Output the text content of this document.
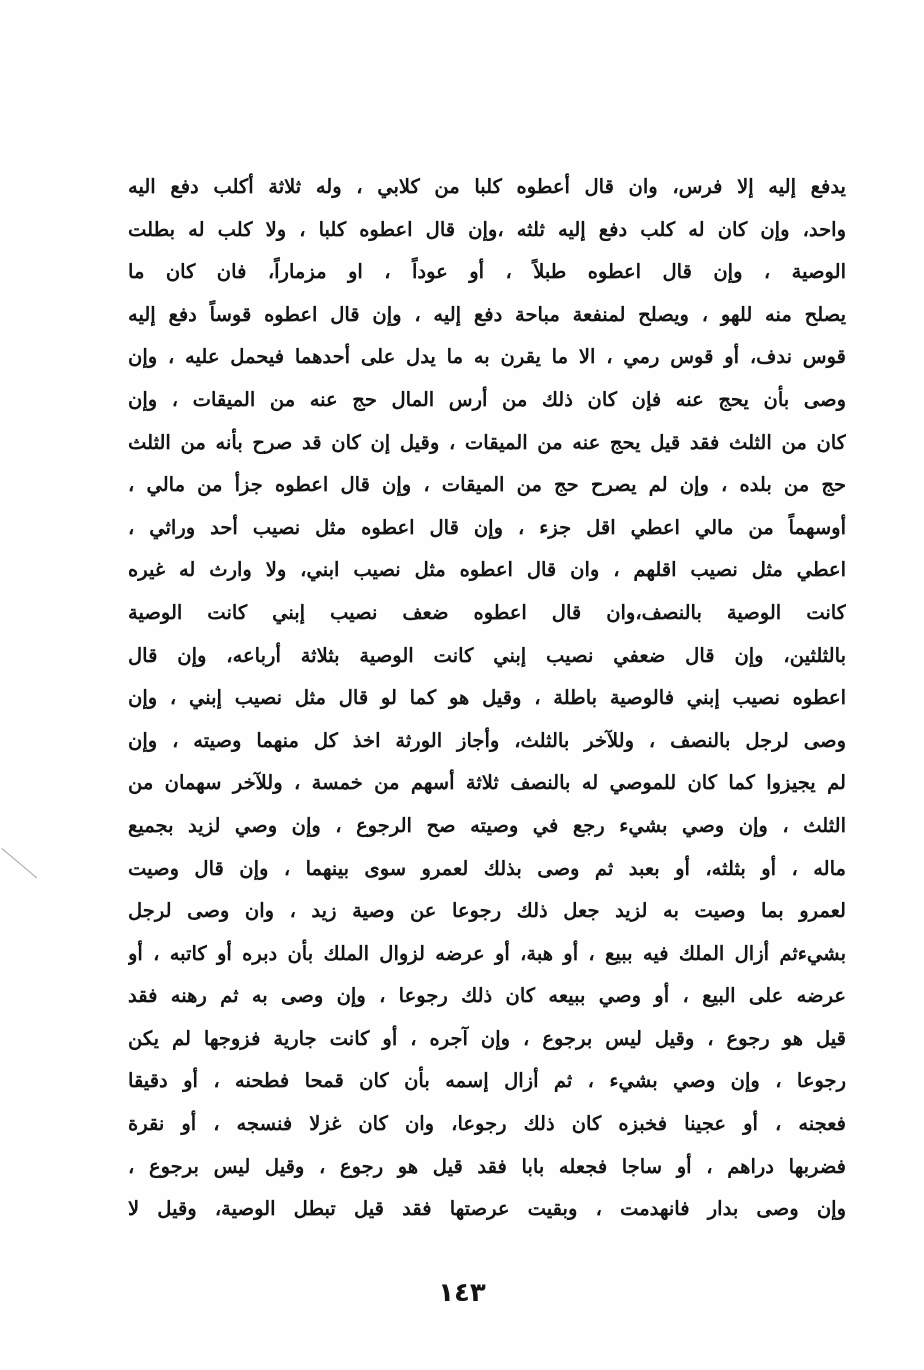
يدفع إليه إلا فرس، وان قال أعطوه كلبا من كلابي ، وله ثلاثة أكلب دفع اليه
واحد، وإن كان له كلب دفع إليه ثلثه ،وإن قال اعطوه كلبا ، ولا كلب له بطلت
الوصية ، وإن قال اعطوه طبلاً ، أو عوداً ، او مزماراً، فان كان ما
يصلح منه للهو ، ويصلح لمنفعة مباحة دفع إليه ، وإن قال اعطوه قوساً دفع إليه
قوس ندف، أو قوس رمي ، الا ما يقرن به ما يدل على أحدهما فيحمل عليه ، وإن
وصى بأن يحج عنه فإن كان ذلك من أرس المال حج عنه من الميقات ، وإن
كان من الثلث فقد قيل يحج عنه من الميقات ، وقيل إن كان قد صرح بأنه من الثلث
حج من بلده ، وإن لم يصرح حج من الميقات ، وإن قال اعطوه جزأ من مالي ،
أوسهماً من مالي اعطي اقل جزء ، وإن قال اعطوه مثل نصيب أحد وراثي ،
اعطي مثل نصيب اقلهم ، وان قال اعطوه مثل نصيب ابني، ولا وارث له غيره
كانت الوصية بالنصف،وان قال اعطوه ضعف نصيب إبني كانت الوصية
بالثلثين، وإن قال ضعفي نصيب إبني كانت الوصية بثلاثة أرباعه، وإن قال
اعطوه نصيب إبني فالوصية باطلة ، وقيل هو كما لو قال مثل نصيب إبني ، وإن
وصى لرجل بالنصف ، وللآخر بالثلث، وأجاز الورثة اخذ كل منهما وصيته ، وإن
لم يجيزوا كما كان للموصي له بالنصف ثلاثة أسهم من خمسة ، وللآخر سهمان من
الثلث ، وإن وصي بشيء رجع في وصيته صح الرجوع ، وإن وصي لزيد بجميع
ماله ، أو بثلثه، أو بعبد ثم وصى بذلك لعمرو سوى بينهما ، وإن قال وصيت
لعمرو بما وصيت به لزيد جعل ذلك رجوعا عن وصية زيد ، وان وصى لرجل
بشيءثم أزال الملك فيه ببيع ، أو هبة، أو عرضه لزوال الملك بأن دبره أو كاتبه ، أو
عرضه على البيع ، أو وصي ببيعه كان ذلك رجوعا ، وإن وصى به ثم رهنه فقد
قيل هو رجوع ، وقيل ليس برجوع ، وإن آجره ، أو كانت جارية فزوجها لم يكن
رجوعا ، وإن وصي بشيء ، ثم أزال إسمه بأن كان قمحا فطحنه ، أو دقيقا
فعجنه ، أو عجينا فخبزه كان ذلك رجوعا، وان كان غزلا فنسجه ، أو نقرة
فضربها دراهم ، أو ساجا فجعله بابا فقد قيل هو رجوع ، وقيل ليس برجوع ،
وإن وصى بدار فانهدمت ، وبقيت عرصتها فقد قيل تبطل الوصية، وقيل لا
١٤٣
